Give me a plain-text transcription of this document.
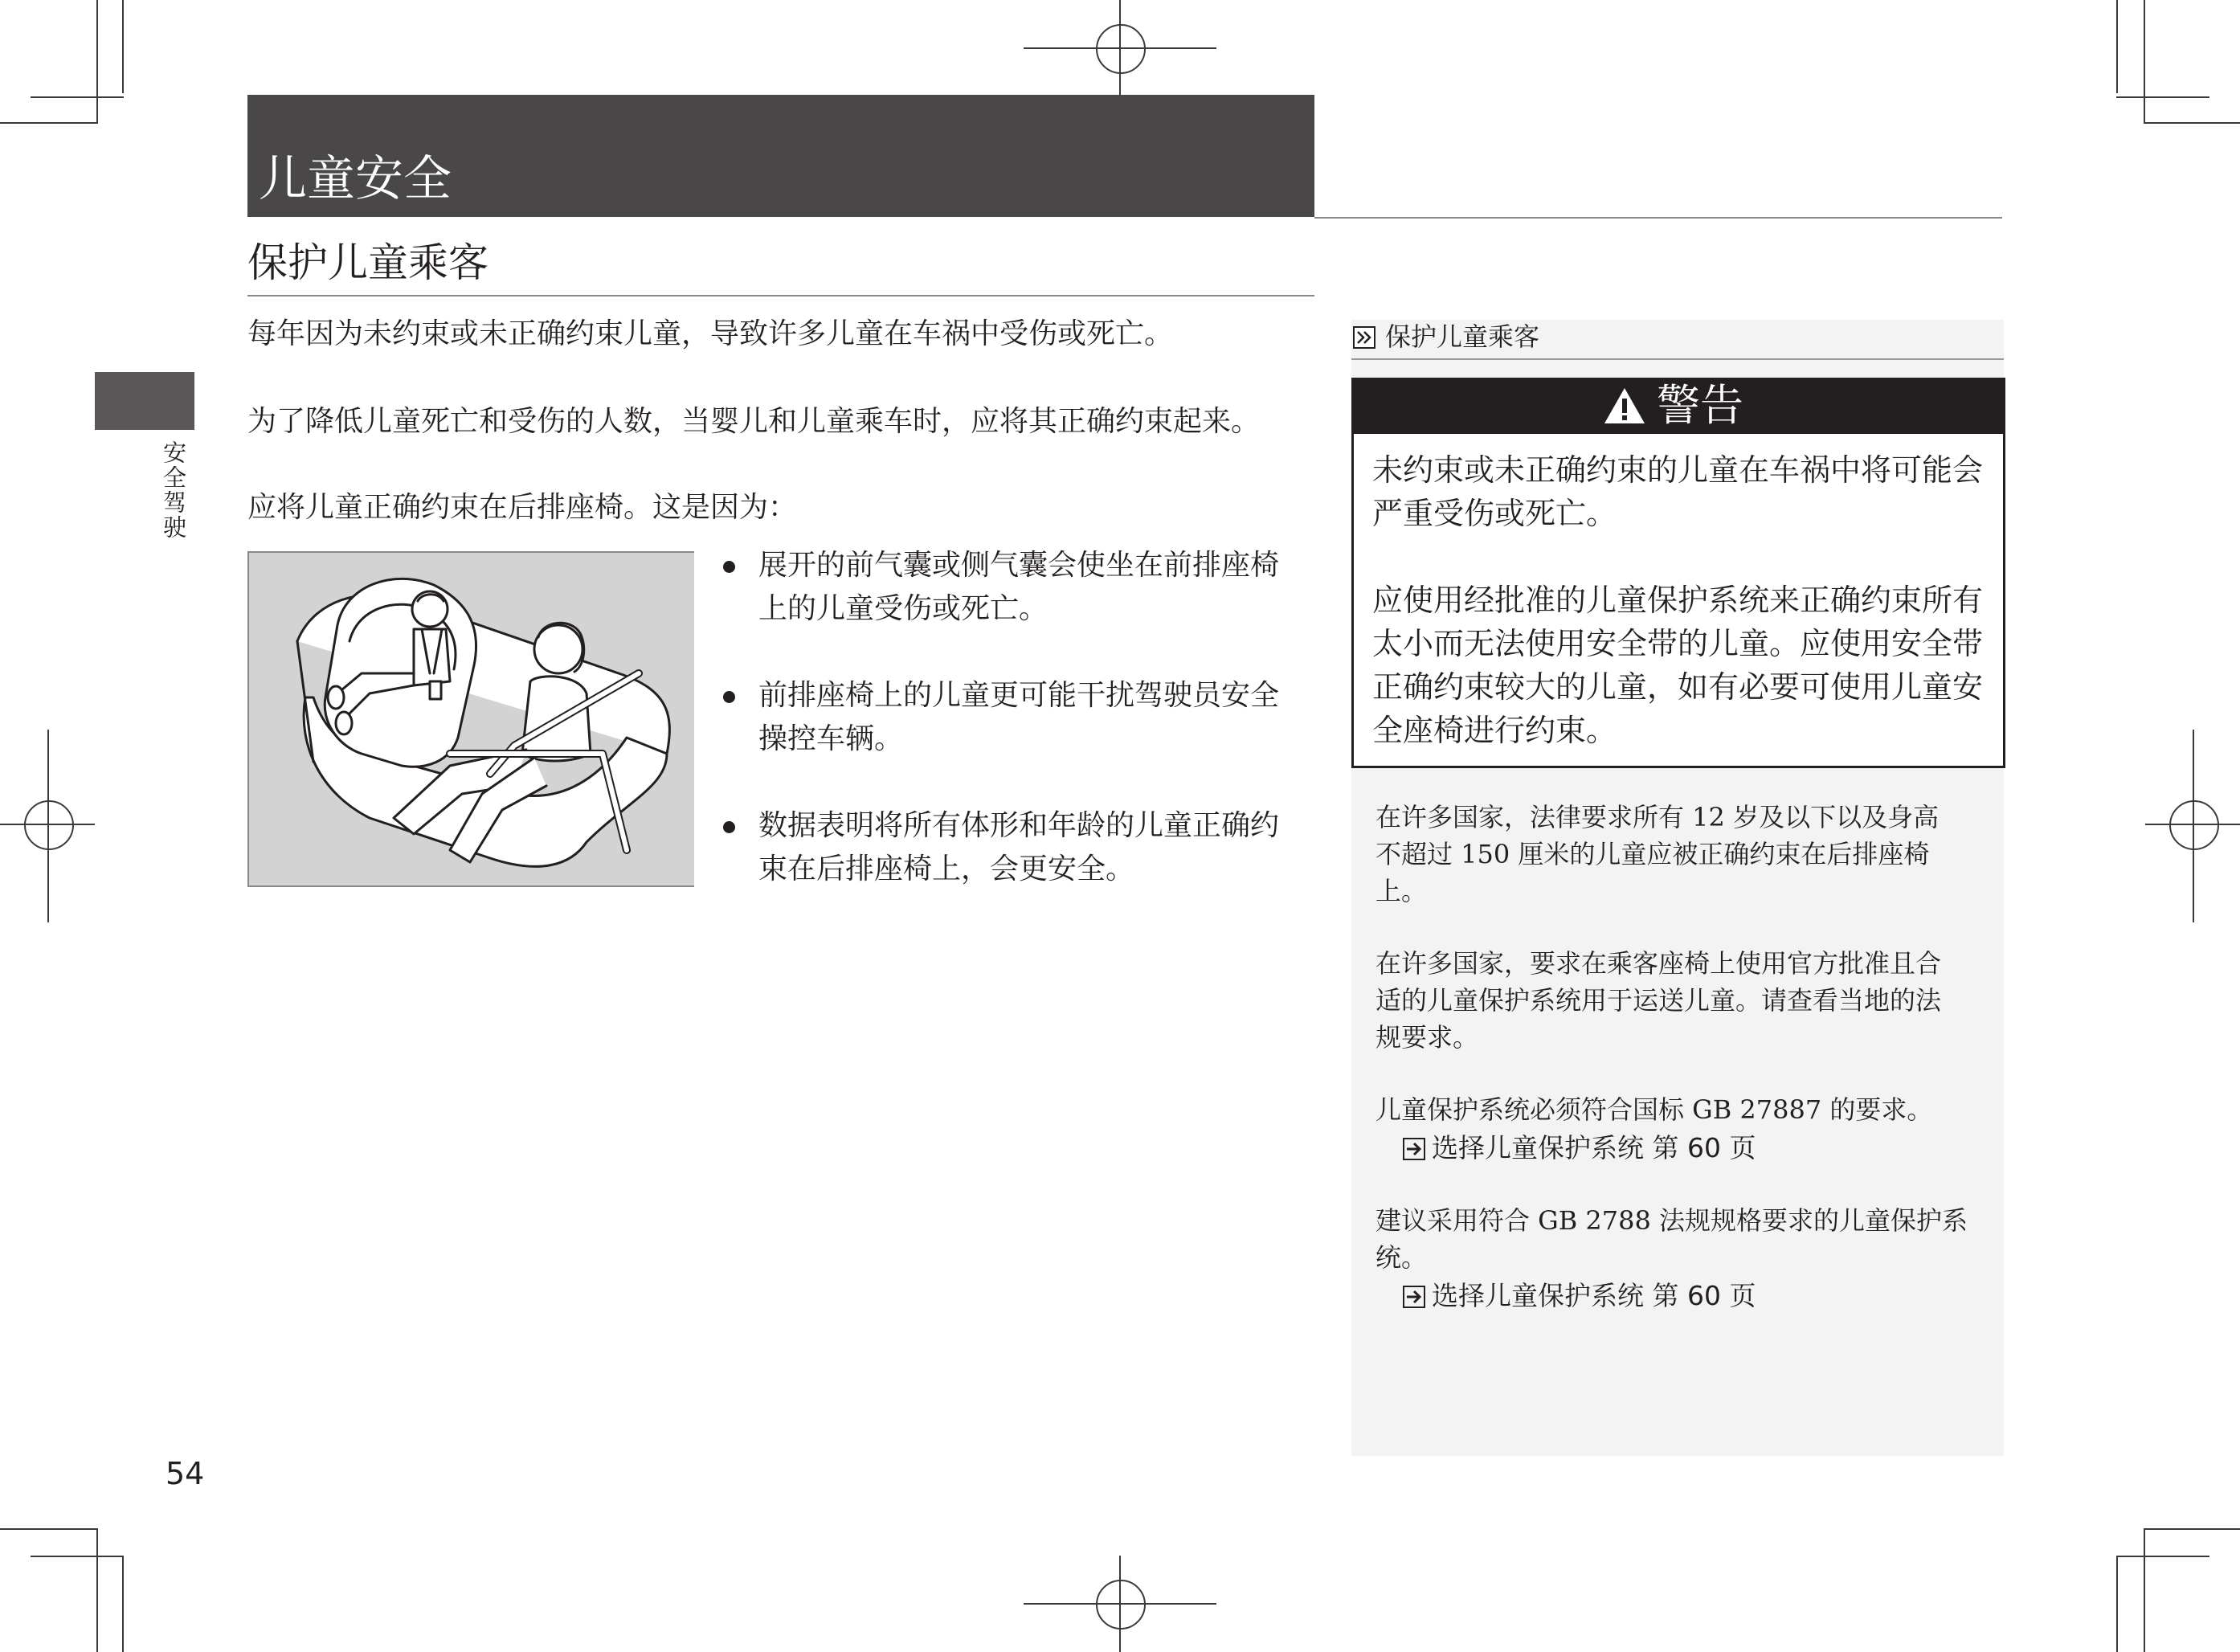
儿童安全
保护儿童乘客
安全驾驶
每年因为未约束或未正确约束儿童，导致许多儿童在车祸中受伤或死亡。
为了降低儿童死亡和受伤的人数，当婴儿和儿童乘车时，应将其正确约束起来。
应将儿童正确约束在后排座椅。这是因为：
展开的前气囊或侧气囊会使坐在前排座椅
上的儿童受伤或死亡。
前排座椅上的儿童更可能干扰驾驶员安全
操控车辆。
数据表明将所有体形和年龄的儿童正确约
束在后排座椅上，会更安全。
保护儿童乘客
警告
未约束或未正确约束的儿童在车祸中将可能会
严重受伤或死亡。
应使用经批准的儿童保护系统来正确约束所有
太小而无法使用安全带的儿童。应使用安全带
正确约束较大的儿童，如有必要可使用儿童安
全座椅进行约束。
在许多国家，法律要求所有 12 岁及以下以及身高
不超过 150 厘米的儿童应被正确约束在后排座椅
上。
在许多国家，要求在乘客座椅上使用官方批准且合
适的儿童保护系统用于运送儿童。请查看当地的法
规要求。
儿童保护系统必须符合国标 GB 27887 的要求。
选择儿童保护系统 第 60 页
建议采用符合 GB 2788 法规规格要求的儿童保护系
统。
选择儿童保护系统 第 60 页
54
